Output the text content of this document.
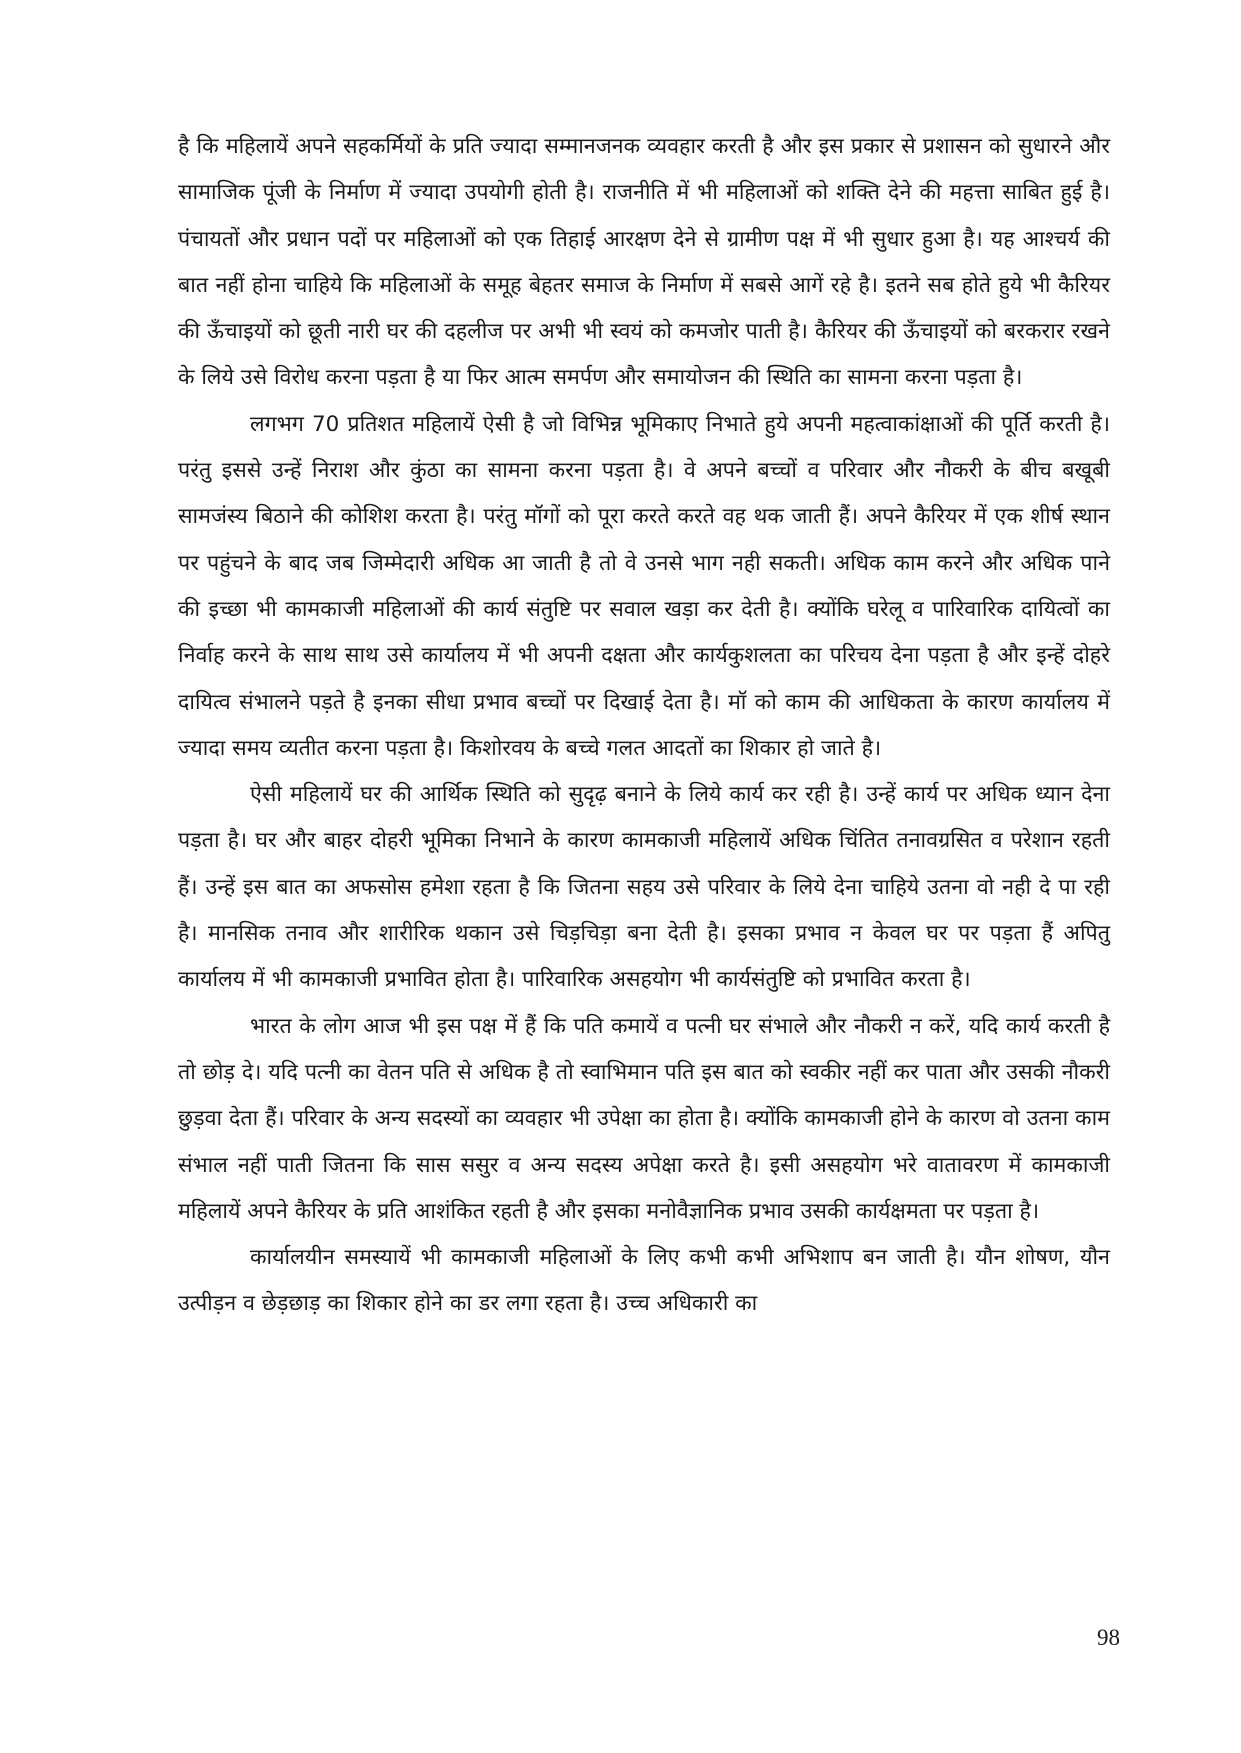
है कि महिलायें अपने सहकर्मियों के प्रति ज्यादा सम्मानजनक व्यवहार करती है और इस प्रकार से प्रशासन को सुधारने और सामाजिक पूंजी के निर्माण में ज्यादा उपयोगी होती है। राजनीति में भी महिलाओं को शक्ति देने की महत्ता साबित हुई है। पंचायतों और प्रधान पदों पर महिलाओं को एक तिहाई आरक्षण देने से ग्रामीण पक्ष में भी सुधार हुआ है। यह आश्चर्य की बात नहीं होना चाहिये कि महिलाओं के समूह बेहतर समाज के निर्माण में सबसे आगें रहे है। इतने सब होते हुये भी कैरियर की ऊँचाइयों को छूती नारी घर की दहलीज पर अभी भी स्वयं को कमजोर पाती है। कैरियर की ऊँचाइयों को बरकरार रखने के लिये उसे विरोध करना पड़ता है या फिर आत्म समर्पण और समायोजन की स्थिति का सामना करना पड़ता है।

लगभग 70 प्रतिशत महिलायें ऐसी है जो विभिन्न भूमिकाए निभाते हुये अपनी महत्वाकांक्षाओं की पूर्ति करती है। परंतु इससे उन्हें निराश और कुंठा का सामना करना पड़ता है। वे अपने बच्चों व परिवार और नौकरी के बीच बखूबी सामजंस्य बिठाने की कोशिश करता है। परंतु मॉगों को पूरा करते करते वह थक जाती हैं। अपने कैरियर में एक शीर्ष स्थान पर पहुंचने के बाद जब जिम्मेदारी अधिक आ जाती है तो वे उनसे भाग नही सकती। अधिक काम करने और अधिक पाने की इच्छा भी कामकाजी महिलाओं की कार्य संतुष्टि पर सवाल खड़ा कर देती है। क्योंकि घरेलू व पारिवारिक दायित्वों का निर्वाह करने के साथ साथ उसे कार्यालय में भी अपनी दक्षता और कार्यकुशलता का परिचय देना पड़ता है और इन्हें दोहरे दायित्व संभालने पड़ते है इनका सीधा प्रभाव बच्चों पर दिखाई देता है। मॉ को काम की आधिकता के कारण कार्यालय में ज्यादा समय व्यतीत करना पड़ता है। किशोरवय के बच्चे गलत आदतों का शिकार हो जाते है।

ऐसी महिलायें घर की आर्थिक स्थिति को सुदृढ़ बनाने के लिये कार्य कर रही है। उन्हें कार्य पर अधिक ध्यान देना पड़ता है। घर और बाहर दोहरी भूमिका निभाने के कारण कामकाजी महिलायें अधिक चिंतित तनावग्रसित व परेशान रहती हैं। उन्हें इस बात का अफसोस हमेशा रहता है कि जितना सहय उसे परिवार के लिये देना चाहिये उतना वो नही दे पा रही है। मानसिक तनाव और शारीरिक थकान उसे चिड़चिड़ा बना देती है। इसका प्रभाव न केवल घर पर पड़ता हैं अपितु कार्यालय में भी कामकाजी प्रभावित होता है। पारिवारिक असहयोग भी कार्यसंतुष्टि को प्रभावित करता है।

भारत के लोग आज भी इस पक्ष में हैं कि पति कमायें व पत्नी घर संभाले और नौकरी न करें, यदि कार्य करती है तो छोड़ दे। यदि पत्नी का वेतन पति से अधिक है तो स्वाभिमान पति इस बात को स्वकीर नहीं कर पाता और उसकी नौकरी छुड़वा देता हैं। परिवार के अन्य सदस्यों का व्यवहार भी उपेक्षा का होता है। क्योंकि कामकाजी होने के कारण वो उतना काम संभाल नहीं पाती जितना कि सास ससुर व अन्य सदस्य अपेक्षा करते है। इसी असहयोग भरे वातावरण में कामकाजी महिलायें अपने कैरियर के प्रति आशंकित रहती है और इसका मनोवैज्ञानिक प्रभाव उसकी कार्यक्षमता पर पड़ता है।

कार्यालयीन समस्यायें भी कामकाजी महिलाओं के लिए कभी कभी अभिशाप बन जाती है। यौन शोषण, यौन उत्पीड़न व छेड़छाड़ का शिकार होने का डर लगा रहता है। उच्च अधिकारी का

98
